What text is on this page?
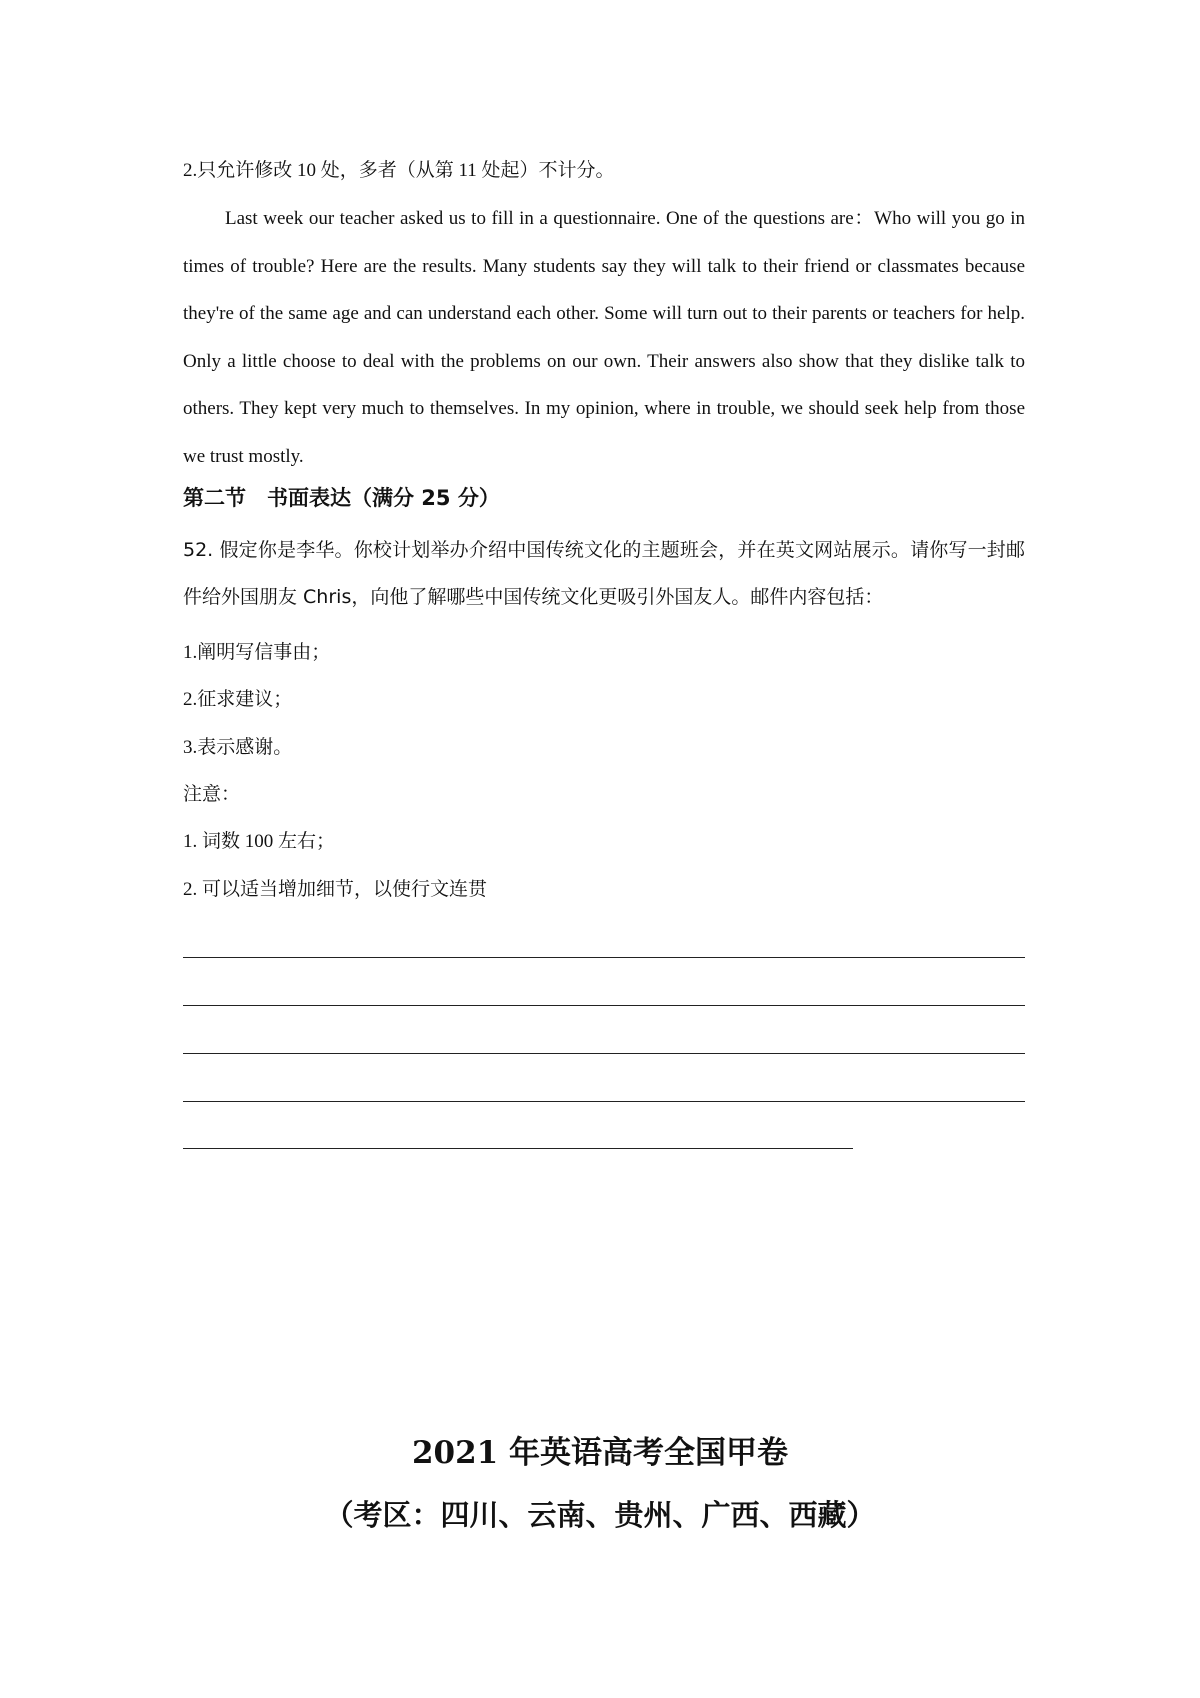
2.只允许修改 10 处，多者（从第 11 处起）不计分。
Last week our teacher asked us to fill in a questionnaire. One of the questions are：Who will you go in times of trouble? Here are the results. Many students say they will talk to their friend or classmates because they're of the same age and can understand each other. Some will turn out to their parents or teachers for help. Only a little choose to deal with the problems on our own. Their answers also show that they dislike talk to others. They kept very much to themselves. In my opinion, where in trouble, we should seek help from those we trust mostly.
第二节　书面表达（满分 25 分）
52. 假定你是李华。你校计划举办介绍中国传统文化的主题班会，并在英文网站展示。请你写一封邮件给外国朋友 Chris，向他了解哪些中国传统文化更吸引外国友人。邮件内容包括：
1.阐明写信事由；
2.征求建议；
3.表示感谢。
注意：
1. 词数 100 左右；
2. 可以适当增加细节，以使行文连贯
2021 年英语高考全国甲卷
（考区：四川、云南、贵州、广西、西藏）
